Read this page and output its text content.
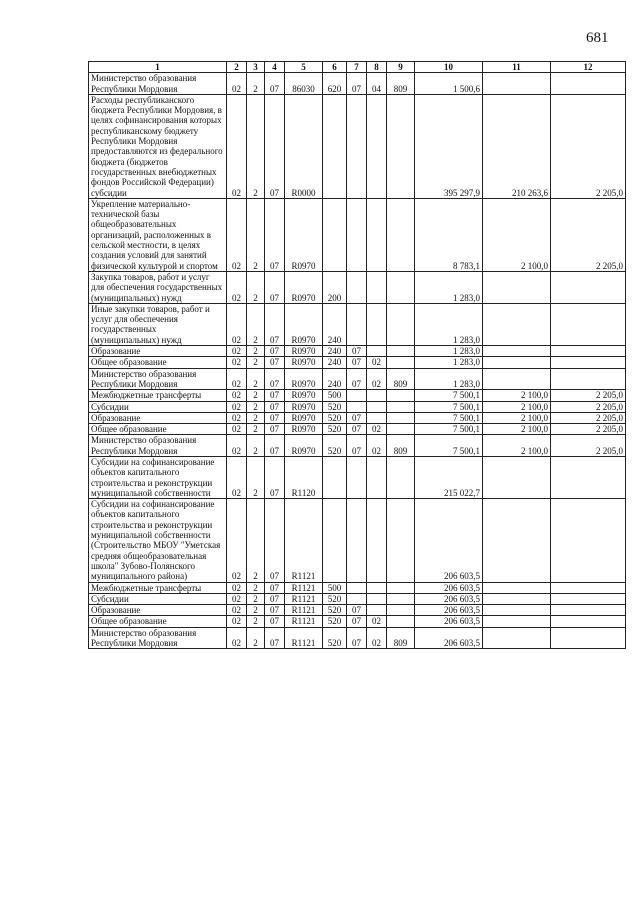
681
1	2	3	4	5	6	7	8	9	10	11	12
Министерство образования Республики Мордовия	02	2	07	86030	620	07	04	809	1 500,6		
Расходы республиканского бюджета Республики Мордовия, в целях софинансирования которых республиканскому бюджету Республики Мордовия предоставляются из федерального бюджета (бюджетов государственных внебюджетных фондов Российской Федерации) субсидии	02	2	07	R0000					395 297,9	210 263,6	2 205,0
Укрепление материально-технической базы общеобразовательных организаций, расположенных в сельской местности, в целях создания условий для занятий физической культурой и спортом	02	2	07	R0970					8 783,1	2 100,0	2 205,0
Закупка товаров, работ и услуг для обеспечения государственных (муниципальных) нужд	02	2	07	R0970	200				1 283,0		
Иные закупки товаров, работ и услуг для обеспечения государственных (муниципальных) нужд	02	2	07	R0970	240				1 283,0		
Образование	02	2	07	R0970	240	07			1 283,0		
Общее образование	02	2	07	R0970	240	07	02		1 283,0		
Министерство образования Республики Мордовия	02	2	07	R0970	240	07	02	809	1 283,0		
Межбюджетные трансферты	02	2	07	R0970	500				7 500,1	2 100,0	2 205,0
Субсидии	02	2	07	R0970	520				7 500,1	2 100,0	2 205,0
Образование	02	2	07	R0970	520	07			7 500,1	2 100,0	2 205,0
Общее образование	02	2	07	R0970	520	07	02		7 500,1	2 100,0	2 205,0
Министерство образования Республики Мордовия	02	2	07	R0970	520	07	02	809	7 500,1	2 100,0	2 205,0
Субсидии на софинансирование объектов капитального строительства и реконструкции муниципальной собственности	02	2	07	R1120					215 022,7		
Субсидии на софинансирование объектов капитального строительства и реконструкции муниципальной собственности (Строительство МБОУ "Уметская средняя общеобразовательная школа" Зубово-Полянского муниципального района)	02	2	07	R1121					206 603,5		
Межбюджетные трансферты	02	2	07	R1121	500				206 603,5		
Субсидии	02	2	07	R1121	520				206 603,5		
Образование	02	2	07	R1121	520	07			206 603,5		
Общее образование	02	2	07	R1121	520	07	02		206 603,5		
Министерство образования Республики Мордовия	02	2	07	R1121	520	07	02	809	206 603,5		
